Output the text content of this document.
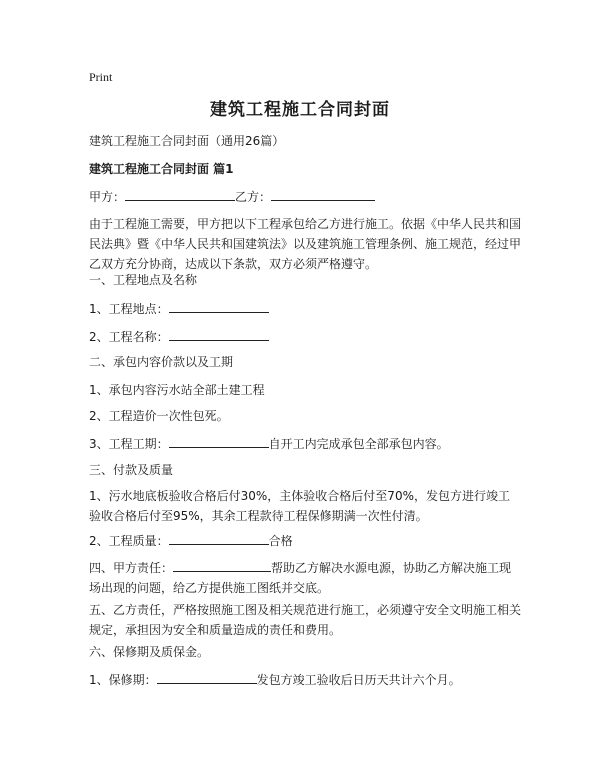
Print
建筑工程施工合同封面
建筑工程施工合同封面（通用26篇）
建筑工程施工合同封面 篇1
甲方：	乙方：
由于工程施工需要，甲方把以下工程承包给乙方进行施工。依据《中华人民共和国民法典》暨《中华人民共和国建筑法》以及建筑施工管理条例、施工规范，经过甲乙双方充分协商，达成以下条款，双方必须严格遵守。
一、工程地点及名称
1、工程地点：
2、工程名称：
二、承包内容价款以及工期
1、承包内容污水站全部土建工程
2、工程造价一次性包死。
3、工程工期：	自开工内完成承包全部承包内容。
三、付款及质量
1、污水地底板验收合格后付30%，主体验收合格后付至70%，发包方进行竣工验收合格后付至95%，其余工程款待工程保修期满一次性付清。
2、工程质量：	合格
四、甲方责任：	帮助乙方解决水源电源，协助乙方解决施工现场出现的问题，给乙方提供施工图纸并交底。
五、乙方责任，严格按照施工图及相关规范进行施工，必须遵守安全文明施工相关规定，承担因为安全和质量造成的责任和费用。
六、保修期及质保金。
1、保修期：	发包方竣工验收后日历天共计六个月。
